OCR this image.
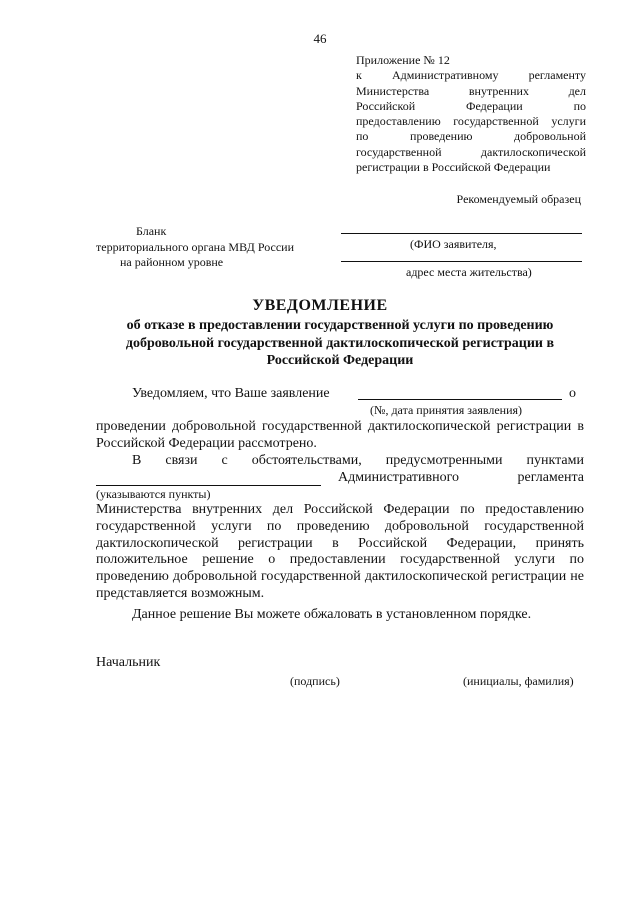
46
Приложение № 12
к Административному регламенту
Министерства внутренних дел
Российской Федерации по
предоставлению государственной услуги
по проведению добровольной
государственной дактилоскопической
регистрации в Российской Федерации
Рекомендуемый образец
Бланк
территориального органа МВД России
на районном уровне
(ФИО заявителя,
адрес места жительства)
УВЕДОМЛЕНИЕ
об отказе в предоставлении государственной услуги по проведению добровольной государственной дактилоскопической регистрации в Российской Федерации
Уведомляем, что Ваше заявление	о
(№, дата принятия заявления)
проведении добровольной государственной дактилоскопической регистрации в Российской Федерации рассмотрено.
В связи с обстоятельствами, предусмотренными пунктами
Административного регламента
(указываются пункты)
Министерства внутренних дел Российской Федерации по предоставлению государственной услуги по проведению добровольной государственной дактилоскопической регистрации в Российской Федерации, принять положительное решение о предоставлении государственной услуги по проведению добровольной государственной дактилоскопической регистрации не представляется возможным.
Данное решение Вы можете обжаловать в установленном порядке.
Начальник
(подпись)	(инициалы, фамилия)
